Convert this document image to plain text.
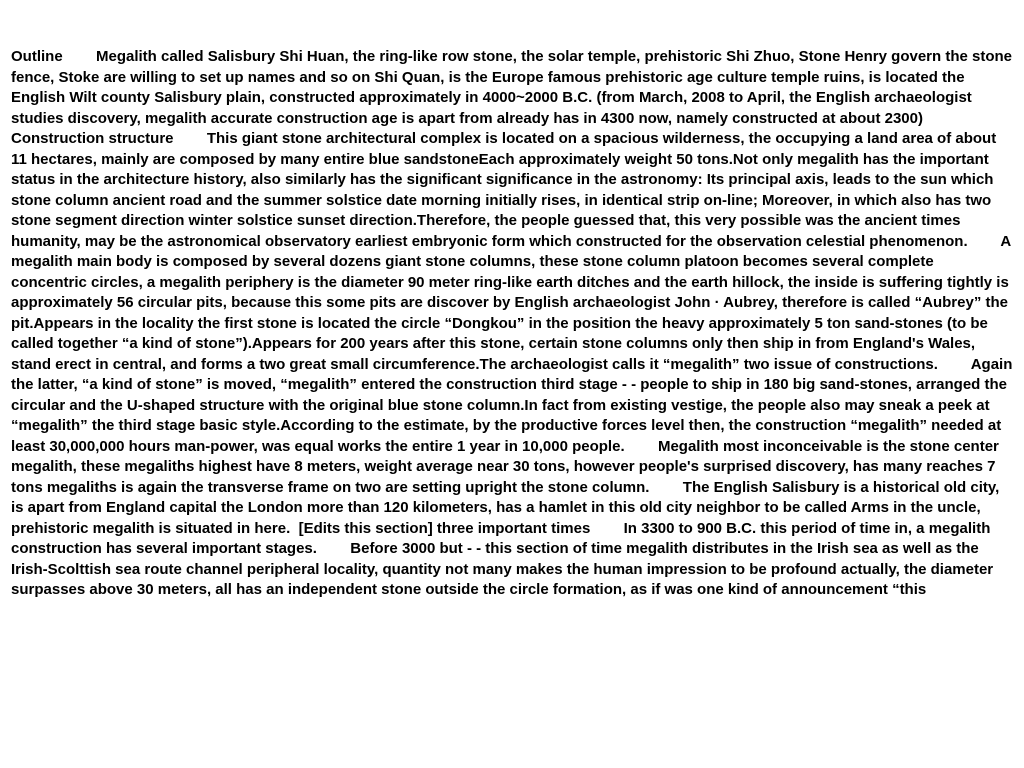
Outline        Megalith called Salisbury Shi Huan, the ring-like row stone, the solar temple, prehistoric Shi Zhuo, Stone Henry govern the stone fence, Stoke are willing to set up names and so on Shi Quan, is the Europe famous prehistoric age culture temple ruins, is located the English Wilt county Salisbury plain, constructed approximately in 4000~2000 B.C. (from March, 2008 to April, the English archaeologist studies discovery, megalith accurate construction age is apart from already has in 4300 now, namely constructed at about 2300)        Construction structure        This giant stone architectural complex is located on a spacious wilderness, the occupying a land area of about 11 hectares, mainly are composed by many entire blue sandstoneEach approximately weight 50 tons.Not only megalith has the important status in the architecture history, also similarly has the significant significance in the astronomy: Its principal axis, leads to the sun which stone column ancient road and the summer solstice date morning initially rises, in identical strip on-line; Moreover, in which also has two stone segment direction winter solstice sunset direction.Therefore, the people guessed that, this very possible was the ancient times humanity, may be the astronomical observatory earliest embryonic form which constructed for the observation celestial phenomenon.        A megalith main body is composed by several dozens giant stone columns, these stone column platoon becomes several complete concentric circles, a megalith periphery is the diameter 90 meter ring-like earth ditches and the earth hillock, the inside is suffering tightly is approximately 56 circular pits, because this some pits are discover by English archaeologist John · Aubrey, therefore is called “Aubrey” the pit.Appears in the locality the first stone is located the circle “Dongkou” in the position the heavy approximately 5 ton sand-stones (to be called together “a kind of stone”).Appears for 200 years after this stone, certain stone columns only then ship in from England's Wales, stand erect in central, and forms a two great small circumference.The archaeologist calls it “megalith” two issue of constructions.        Again the latter, “a kind of stone” is moved, “megalith” entered the construction third stage - - people to ship in 180 big sand-stones, arranged the circular and the U-shaped structure with the original blue stone column.In fact from existing vestige, the people also may sneak a peek at “megalith” the third stage basic style.According to the estimate, by the productive forces level then, the construction “megalith” needed at least 30,000,000 hours man-power, was equal works the entire 1 year in 10,000 people.        Megalith most inconceivable is the stone center megalith, these megaliths highest have 8 meters, weight average near 30 tons, however people's surprised discovery, has many reaches 7 tons megaliths is again the transverse frame on two are setting upright the stone column.        The English Salisbury is a historical old city, is apart from England capital the London more than 120 kilometers, has a hamlet in this old city neighbor to be called Arms in the uncle, prehistoric megalith is situated in here.  [Edits this section] three important times        In 3300 to 900 B.C. this period of time in, a megalith construction has several important stages.        Before 3000 but - - this section of time megalith distributes in the Irish sea as well as the Irish-Scolttish sea route channel peripheral locality, quantity not many makes the human impression to be profound actually, the diameter surpasses above 30 meters, all has an independent stone outside the circle formation, as if was one kind of announcement “this
